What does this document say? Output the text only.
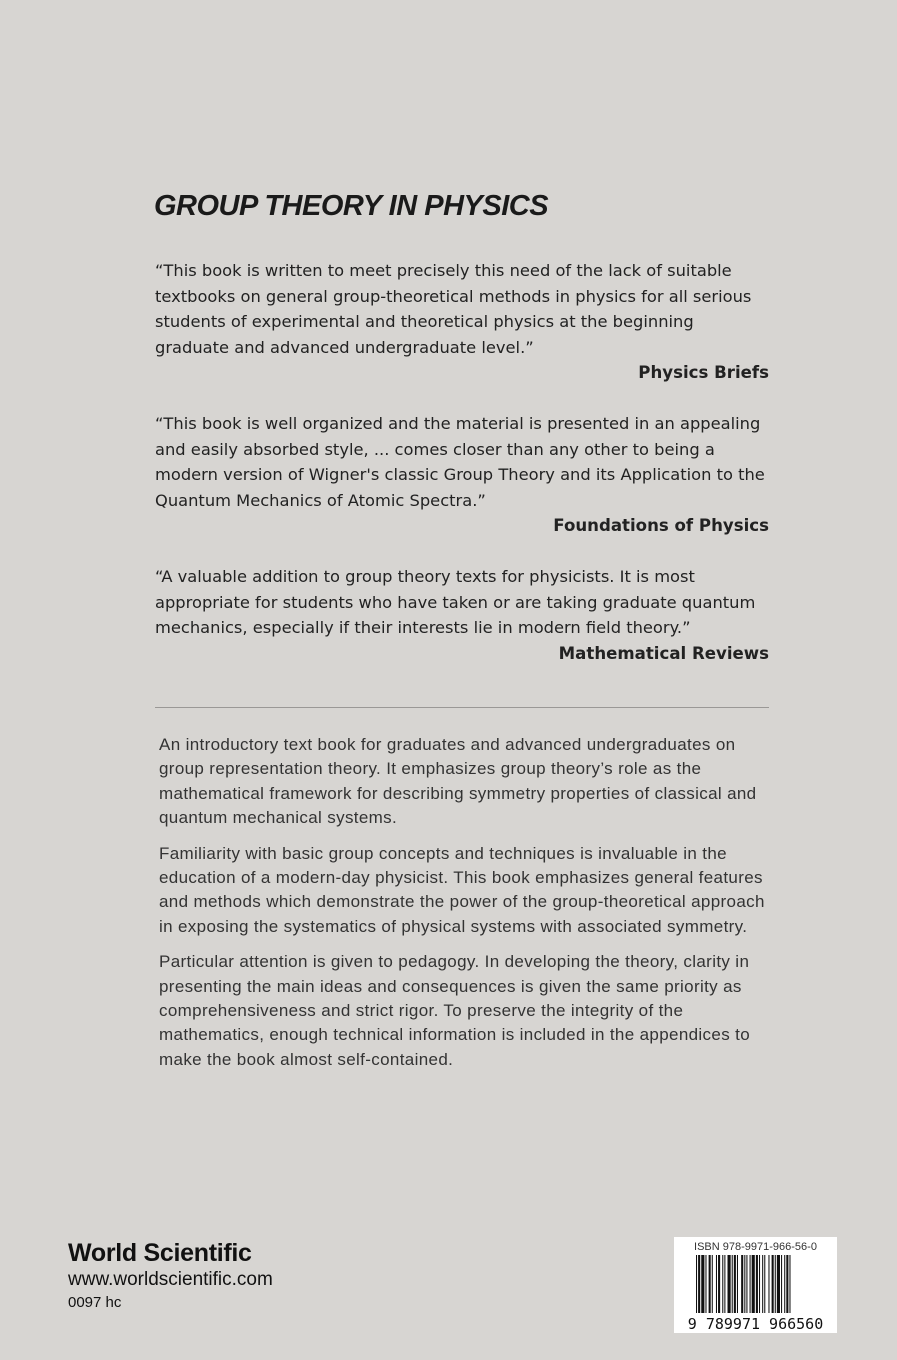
GROUP THEORY IN PHYSICS

“This book is written to meet precisely this need of the lack of suitable textbooks on general group-theoretical methods in physics for all serious students of experimental and theoretical physics at the beginning graduate and advanced undergraduate level.”

Physics Briefs

“This book is well organized and the material is presented in an appealing and easily absorbed style, ... comes closer than any other to being a modern version of Wigner's classic Group Theory and its Application to the Quantum Mechanics of Atomic Spectra.”

Foundations of Physics

“A valuable addition to group theory texts for physicists. It is most appropriate for students who have taken or are taking graduate quantum mechanics, especially if their interests lie in modern field theory.”

Mathematical Reviews

An introductory text book for graduates and advanced undergraduates on group representation theory. It emphasizes group theory’s role as the mathematical framework for describing symmetry properties of classical and quantum mechanical systems.

Familiarity with basic group concepts and techniques is invaluable in the education of a modern-day physicist. This book emphasizes general features and methods which demonstrate the power of the group-theoretical approach in exposing the systematics of physical systems with associated symmetry.

Particular attention is given to pedagogy. In developing the theory, clarity in presenting the main ideas and consequences is given the same priority as comprehensiveness and strict rigor. To preserve the integrity of the mathematics, enough technical information is included in the appendices to make the book almost self-contained.

World Scientific
www.worldscientific.com
0097 hc
ISBN 978-9971-966-56-0
9 789971 966560
